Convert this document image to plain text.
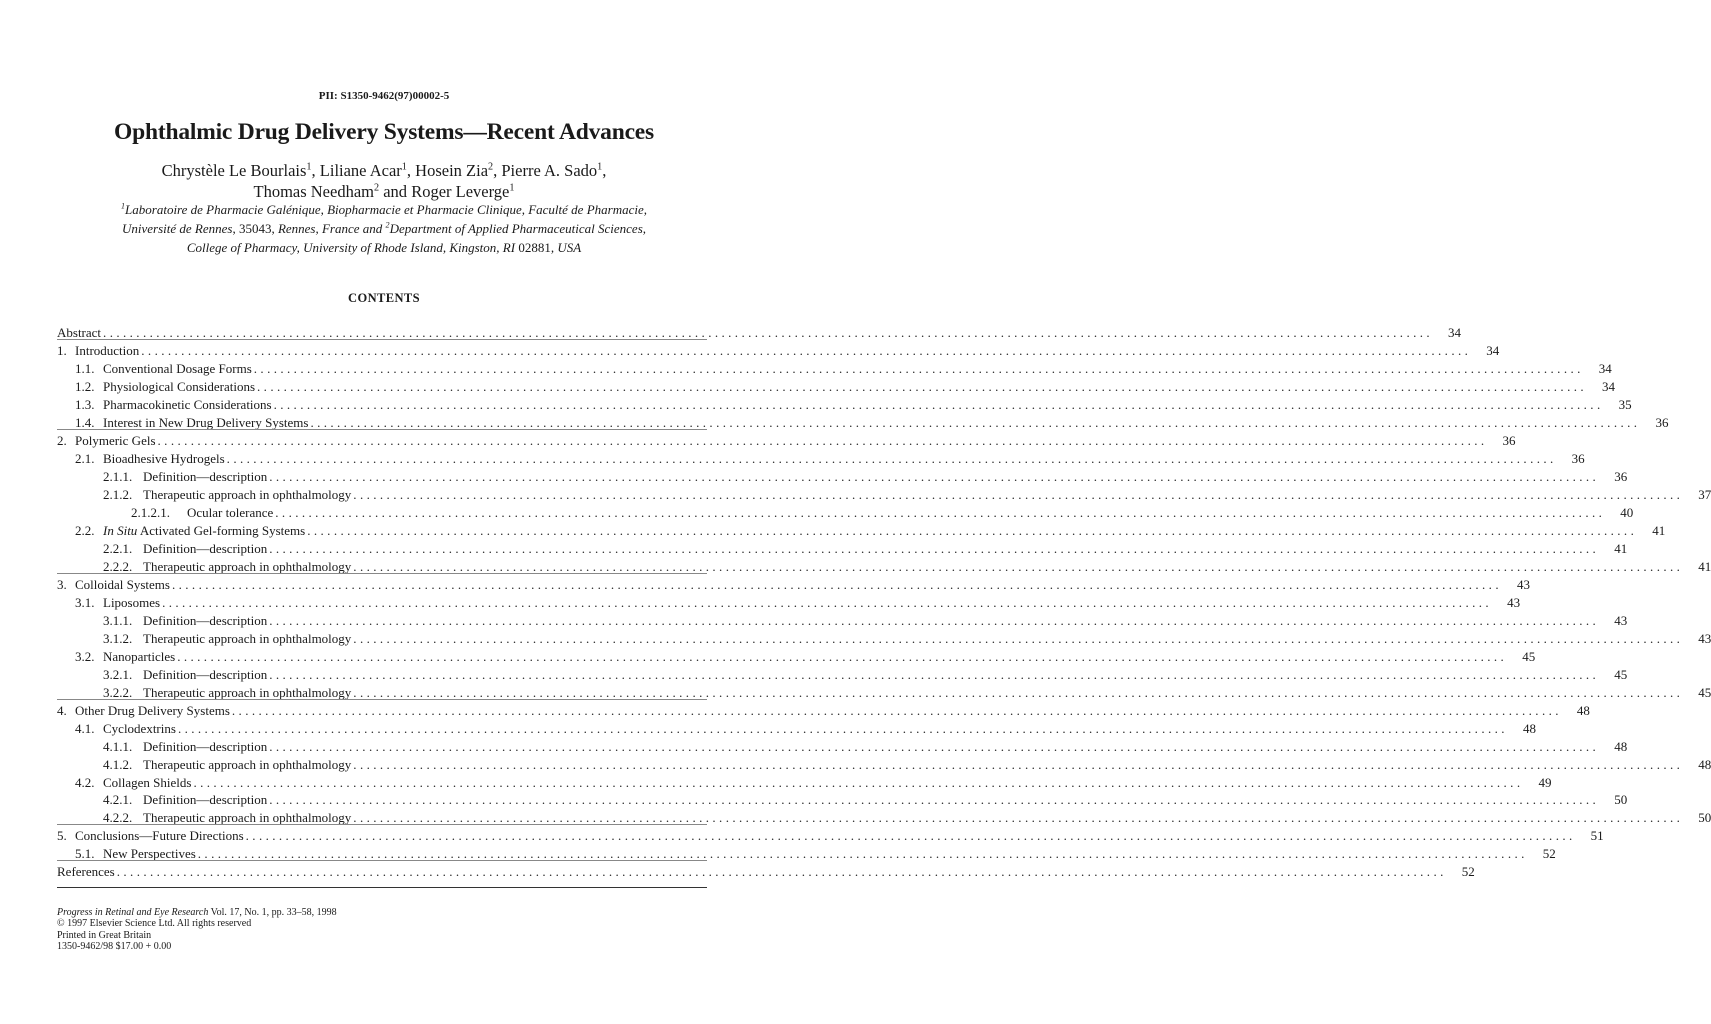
PII: S1350-9462(97)00002-5
Ophthalmic Drug Delivery Systems—Recent Advances
Chrystèle Le Bourlais$^1$, Liliane Acar$^1$, Hosein Zia$^2$, Pierre A. Sado$^1$,
Thomas Needham$^2$ and Roger Leverge$^1$
$^1$Laboratoire de Pharmacie Galénique, Biopharmacie et Pharmacie Clinique, Faculté de Pharmacie,
Université de Rennes, 35043, Rennes, France and $^2$Department of Applied Pharmaceutical Sciences,
College of Pharmacy, University of Rhode Island, Kingston, RI 02881, USA
CONTENTS
Abstract ........................................................................................................................................................................................................	34
1. Introduction ........................................................................................................................................................................................................	34
1.1. Conventional Dosage Forms ........................................................................................................................................................................................................	34
1.2. Physiological Considerations ........................................................................................................................................................................................................	34
1.3. Pharmacokinetic Considerations ........................................................................................................................................................................................................	35
1.4. Interest in New Drug Delivery Systems ........................................................................................................................................................................................................	36
2. Polymeric Gels ........................................................................................................................................................................................................	36
2.1. Bioadhesive Hydrogels ........................................................................................................................................................................................................	36
2.1.1. Definition—description ........................................................................................................................................................................................................	36
2.1.2. Therapeutic approach in ophthalmology ........................................................................................................................................................................................................	37
2.1.2.1.	Ocular tolerance ........................................................................................................................................................................................................	40
2.2. In Situ Activated Gel-forming Systems ........................................................................................................................................................................................................	41
2.2.1. Definition—description ........................................................................................................................................................................................................	41
2.2.2. Therapeutic approach in ophthalmology ........................................................................................................................................................................................................	41
3. Colloidal Systems ........................................................................................................................................................................................................	43
3.1. Liposomes ........................................................................................................................................................................................................	43
3.1.1. Definition—description ........................................................................................................................................................................................................	43
3.1.2. Therapeutic approach in ophthalmology ........................................................................................................................................................................................................	43
3.2. Nanoparticles ........................................................................................................................................................................................................	45
3.2.1. Definition—description ........................................................................................................................................................................................................	45
3.2.2. Therapeutic approach in ophthalmology ........................................................................................................................................................................................................	45
4. Other Drug Delivery Systems ........................................................................................................................................................................................................	48
4.1. Cyclodextrins ........................................................................................................................................................................................................	48
4.1.1. Definition—description ........................................................................................................................................................................................................	48
4.1.2. Therapeutic approach in ophthalmology ........................................................................................................................................................................................................	48
4.2. Collagen Shields ........................................................................................................................................................................................................	49
4.2.1. Definition—description ........................................................................................................................................................................................................	50
4.2.2. Therapeutic approach in ophthalmology ........................................................................................................................................................................................................	50
5. Conclusions—Future Directions ........................................................................................................................................................................................................	51
5.1. New Perspectives ........................................................................................................................................................................................................	52
References ........................................................................................................................................................................................................	52
Progress in Retinal and Eye Research Vol. 17, No. 1, pp. 33–58, 1998
© 1997 Elsevier Science Ltd. All rights reserved
Printed in Great Britain
1350-9462/98 $17.00 + 0.00
